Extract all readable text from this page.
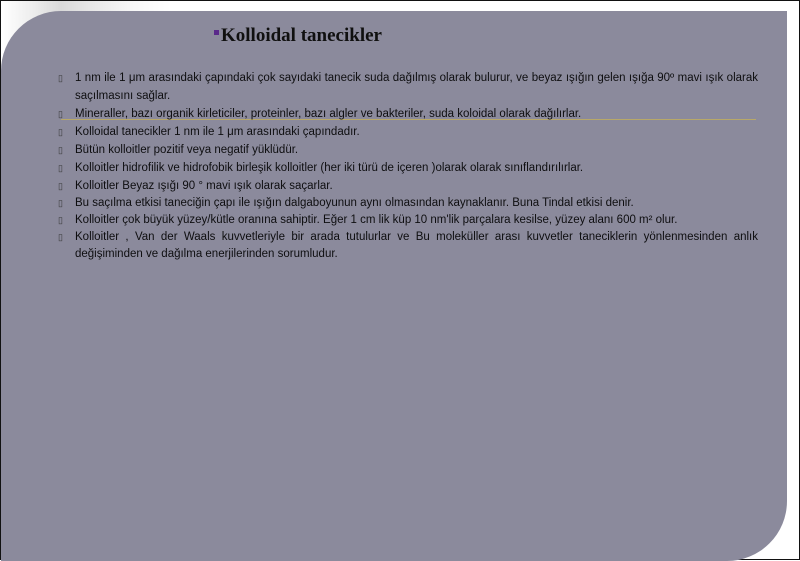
Kolloidal tanecikler
▯ 1 nm ile 1 μm arasındaki çapındaki çok sayıdaki tanecik suda dağılmış olarak bulurur, ve beyaz ışığın gelen ışığa 90º mavi ışık olarak saçılmasını sağlar.
▯ Mineraller, bazı organik kirleticiler, proteinler, bazı algler ve bakteriler, suda koloidal olarak dağılırlar.
▯ Kolloidal tanecikler 1 nm ile 1 μm arasındaki çapındadır.
▯ Bütün kolloitler pozitif veya negatif yüklüdür.
▯ Kolloitler hidrofilik ve hidrofobik birleşik kolloitler (her iki türü de içeren )olarak olarak sınıflandırılırlar.
▯ Kolloitler Beyaz ışığı 90 ° mavi ışık olarak saçarlar.
▯ Bu saçılma etkisi taneciğin çapı ile ışığın dalgaboyunun aynı olmasından kaynaklanır. Buna Tindal etkisi denir.
▯ Kolloitler çok büyük yüzey/kütle oranına sahiptir. Eğer 1 cm lik küp 10 nm'lik parçalara kesilse, yüzey alanı 600 m² olur.
▯ Kolloitler , Van der Waals kuvvetleriyle bir arada tutulurlar ve Bu moleküller arası kuvvetler taneciklerin yönlenmesinden anlık değişiminden ve dağılma enerjilerinden sorumludur.
